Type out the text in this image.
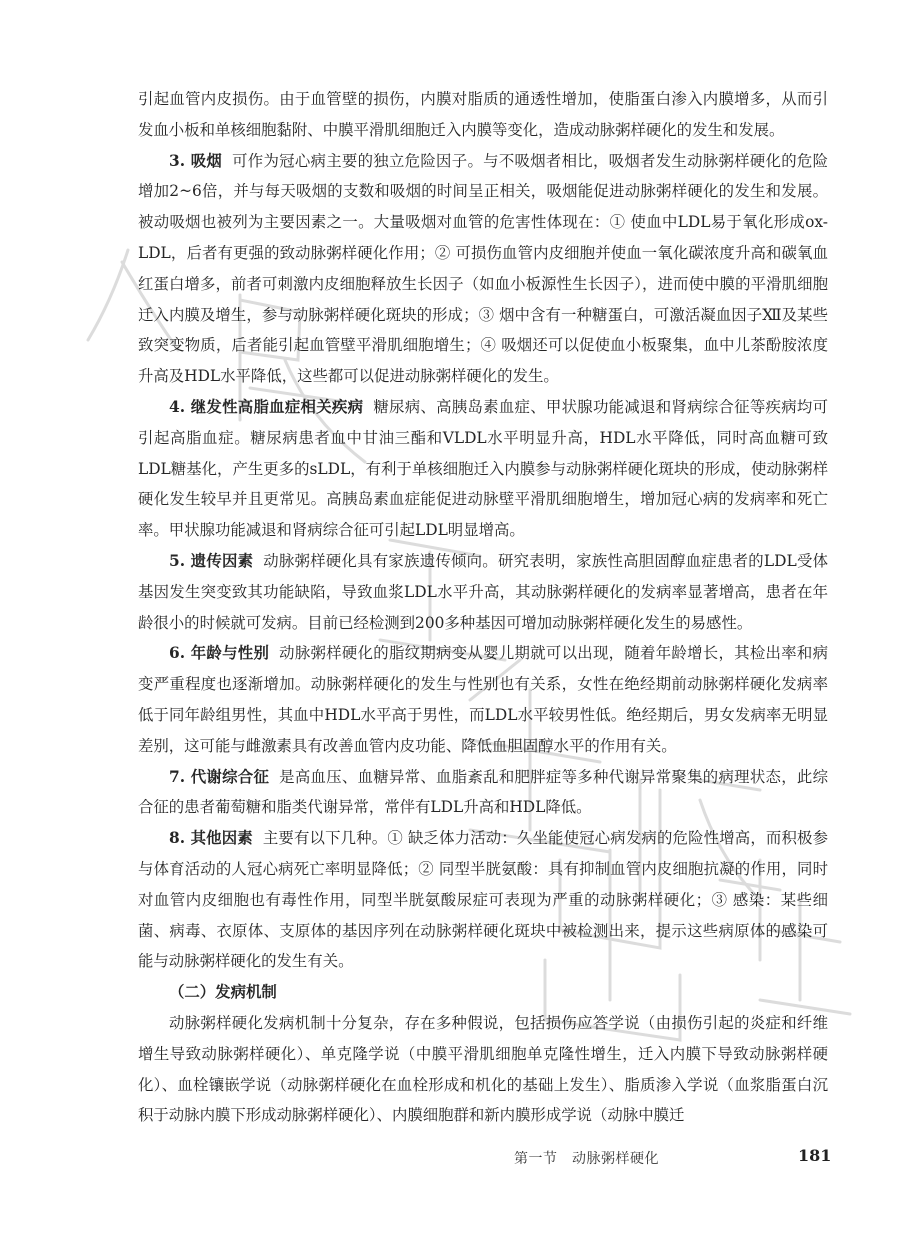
引起血管内皮损伤。由于血管壁的损伤，内膜对脂质的通透性增加，使脂蛋白渗入内膜增多，从而引发血小板和单核细胞黏附、中膜平滑肌细胞迁入内膜等变化，造成动脉粥样硬化的发生和发展。

3. 吸烟 可作为冠心病主要的独立危险因子。与不吸烟者相比，吸烟者发生动脉粥样硬化的危险增加2~6倍，并与每天吸烟的支数和吸烟的时间呈正相关，吸烟能促进动脉粥样硬化的发生和发展。被动吸烟也被列为主要因素之一。大量吸烟对血管的危害性体现在：① 使血中LDL易于氧化形成ox-LDL，后者有更强的致动脉粥样硬化作用；② 可损伤血管内皮细胞并使血一氧化碳浓度升高和碳氧血红蛋白增多，前者可刺激内皮细胞释放生长因子（如血小板源性生长因子），进而使中膜的平滑肌细胞迁入内膜及增生，参与动脉粥样硬化斑块的形成；③ 烟中含有一种糖蛋白，可激活凝血因子Ⅻ及某些致突变物质，后者能引起血管壁平滑肌细胞增生；④ 吸烟还可以促使血小板聚集，血中儿茶酚胺浓度升高及HDL水平降低，这些都可以促进动脉粥样硬化的发生。

4. 继发性高脂血症相关疾病 糖尿病、高胰岛素血症、甲状腺功能减退和肾病综合征等疾病均可引起高脂血症。糖尿病患者血中甘油三酯和VLDL水平明显升高，HDL水平降低，同时高血糖可致LDL糖基化，产生更多的sLDL，有利于单核细胞迁入内膜参与动脉粥样硬化斑块的形成，使动脉粥样硬化发生较早并且更常见。高胰岛素血症能促进动脉壁平滑肌细胞增生，增加冠心病的发病率和死亡率。甲状腺功能减退和肾病综合征可引起LDL明显增高。

5. 遗传因素 动脉粥样硬化具有家族遗传倾向。研究表明，家族性高胆固醇血症患者的LDL受体基因发生突变致其功能缺陷，导致血浆LDL水平升高，其动脉粥样硬化的发病率显著增高，患者在年龄很小的时候就可发病。目前已经检测到200多种基因可增加动脉粥样硬化发生的易感性。

6. 年龄与性别 动脉粥样硬化的脂纹期病变从婴儿期就可以出现，随着年龄增长，其检出率和病变严重程度也逐渐增加。动脉粥样硬化的发生与性别也有关系，女性在绝经期前动脉粥样硬化发病率低于同年龄组男性，其血中HDL水平高于男性，而LDL水平较男性低。绝经期后，男女发病率无明显差别，这可能与雌激素具有改善血管内皮功能、降低血胆固醇水平的作用有关。

7. 代谢综合征 是高血压、血糖异常、血脂紊乱和肥胖症等多种代谢异常聚集的病理状态，此综合征的患者葡萄糖和脂类代谢异常，常伴有LDL升高和HDL降低。

8. 其他因素 主要有以下几种。① 缺乏体力活动：久坐能使冠心病发病的危险性增高，而积极参与体育活动的人冠心病死亡率明显降低；② 同型半胱氨酸：具有抑制血管内皮细胞抗凝的作用，同时对血管内皮细胞也有毒性作用，同型半胱氨酸尿症可表现为严重的动脉粥样硬化；③ 感染：某些细菌、病毒、衣原体、支原体的基因序列在动脉粥样硬化斑块中被检测出来，提示这些病原体的感染可能与动脉粥样硬化的发生有关。

（二）发病机制

动脉粥样硬化发病机制十分复杂，存在多种假说，包括损伤应答学说（由损伤引起的炎症和纤维增生导致动脉粥样硬化）、单克隆学说（中膜平滑肌细胞单克隆性增生，迁入内膜下导致动脉粥样硬化）、血栓镶嵌学说（动脉粥样硬化在血栓形成和机化的基础上发生）、脂质渗入学说（血浆脂蛋白沉积于动脉内膜下形成动脉粥样硬化）、内膜细胞群和新内膜形成学说（动脉中膜迁

第一节　动脉粥样硬化	181
